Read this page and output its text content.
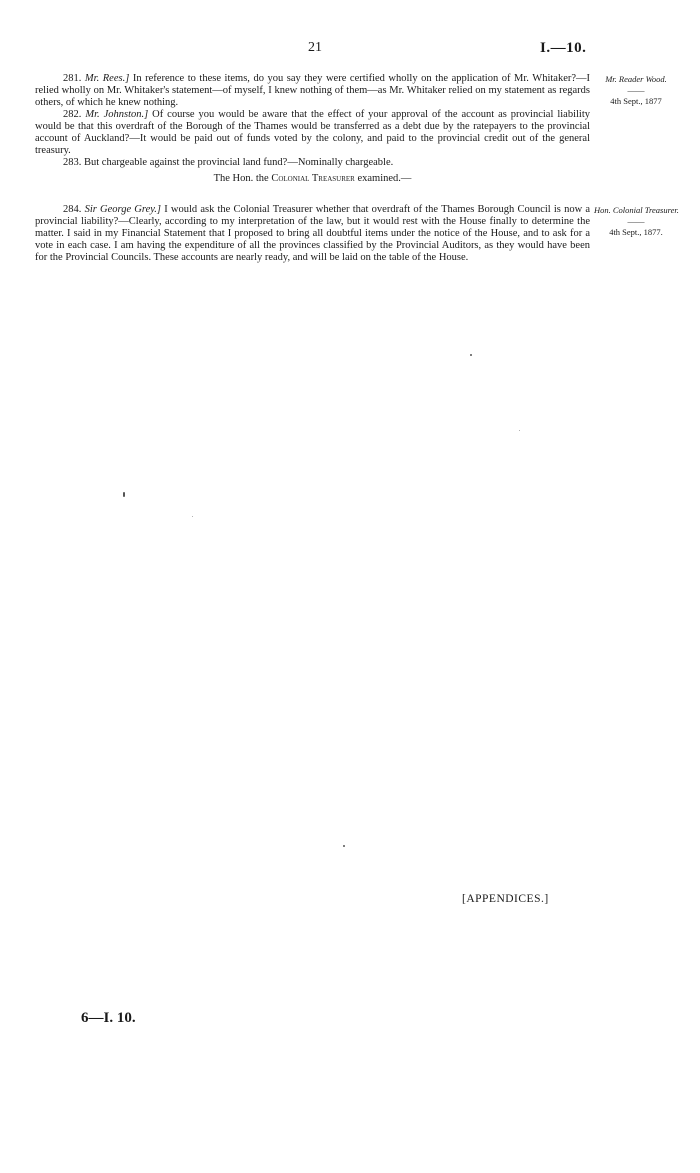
21	I.—10.

281. Mr. Rees.] In reference to these items, do you say they were certified wholly on the application of Mr. Whitaker?—I relied wholly on Mr. Whitaker's statement—of myself, I knew nothing of them—as Mr. Whitaker relied on my statement as regards others, of which he knew nothing.

282. Mr. Johnston.] Of course you would be aware that the effect of your approval of the account as provincial liability would be that this overdraft of the Borough of the Thames would be transferred as a debt due by the ratepayers to the provincial account of Auckland?—It would be paid out of funds voted by the colony, and paid to the provincial credit out of the general treasury.

283. But chargeable against the provincial land fund?—Nominally chargeable.

The Hon. the Colonial Treasurer examined.—

Mr. Reader Wood.
——
4th Sept., 1877

284. Sir George Grey.] I would ask the Colonial Treasurer whether that overdraft of the Thames Borough Council is now a provincial liability?—Clearly, according to my interpretation of the law, but it would rest with the House finally to determine the matter. I said in my Financial Statement that I proposed to bring all doubtful items under the notice of the House, and to ask for a vote in each case. I am having the expenditure of all the provinces classified by the Provincial Auditors, as they would have been for the Provincial Councils. These accounts are nearly ready, and will be laid on the table of the House.

Hon. Colonial Treasurer.
——
4th Sept., 1877.
[APPENDICES.]
6—I. 10.
